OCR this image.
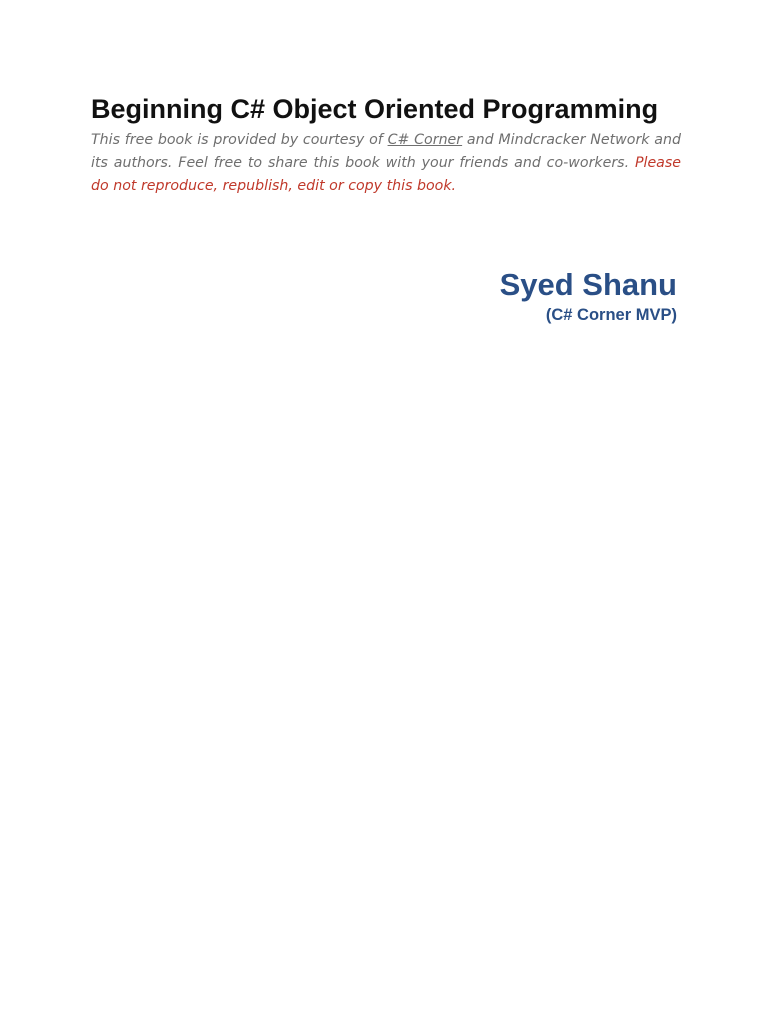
Beginning C# Object Oriented Programming

This free book is provided by courtesy of C# Corner and Mindcracker Network and its authors. Feel free to share this book with your friends and co-workers. Please do not reproduce, republish, edit or copy this book.

Syed Shanu
(C# Corner MVP)
